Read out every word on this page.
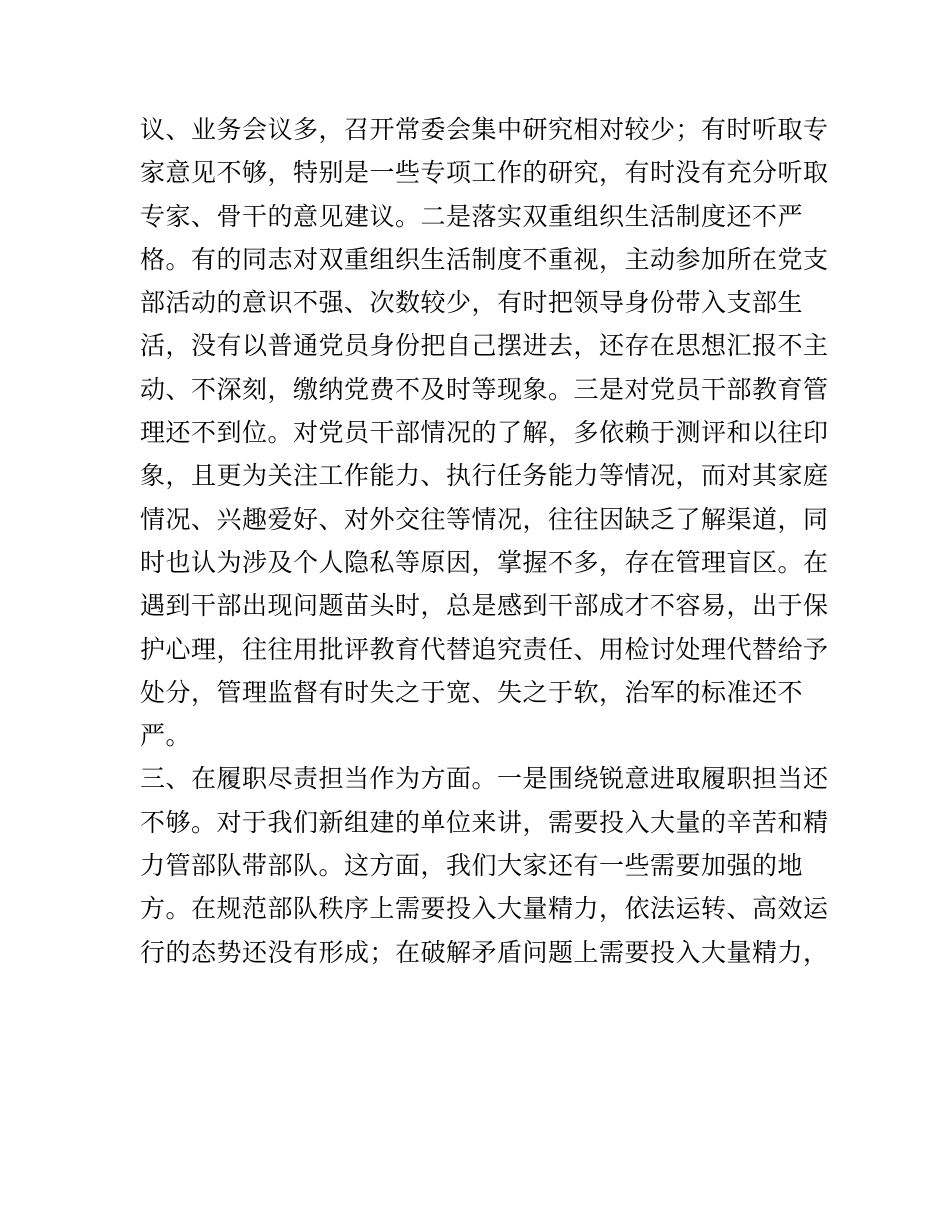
议、业务会议多，召开常委会集中研究相对较少；有时听取专
家意见不够，特别是一些专项工作的研究，有时没有充分听取
专家、骨干的意见建议。二是落实双重组织生活制度还不严
格。有的同志对双重组织生活制度不重视，主动参加所在党支
部活动的意识不强、次数较少，有时把领导身份带入支部生
活，没有以普通党员身份把自己摆进去，还存在思想汇报不主
动、不深刻，缴纳党费不及时等现象。三是对党员干部教育管
理还不到位。对党员干部情况的了解，多依赖于测评和以往印
象，且更为关注工作能力、执行任务能力等情况，而对其家庭
情况、兴趣爱好、对外交往等情况，往往因缺乏了解渠道，同
时也认为涉及个人隐私等原因，掌握不多，存在管理盲区。在
遇到干部出现问题苗头时，总是感到干部成才不容易，出于保
护心理，往往用批评教育代替追究责任、用检讨处理代替给予
处分，管理监督有时失之于宽、失之于软，治军的标准还不
严。
三、在履职尽责担当作为方面。一是围绕锐意进取履职担当还
不够。对于我们新组建的单位来讲，需要投入大量的辛苦和精
力管部队带部队。这方面，我们大家还有一些需要加强的地
方。在规范部队秩序上需要投入大量精力，依法运转、高效运
行的态势还没有形成；在破解矛盾问题上需要投入大量精力，
